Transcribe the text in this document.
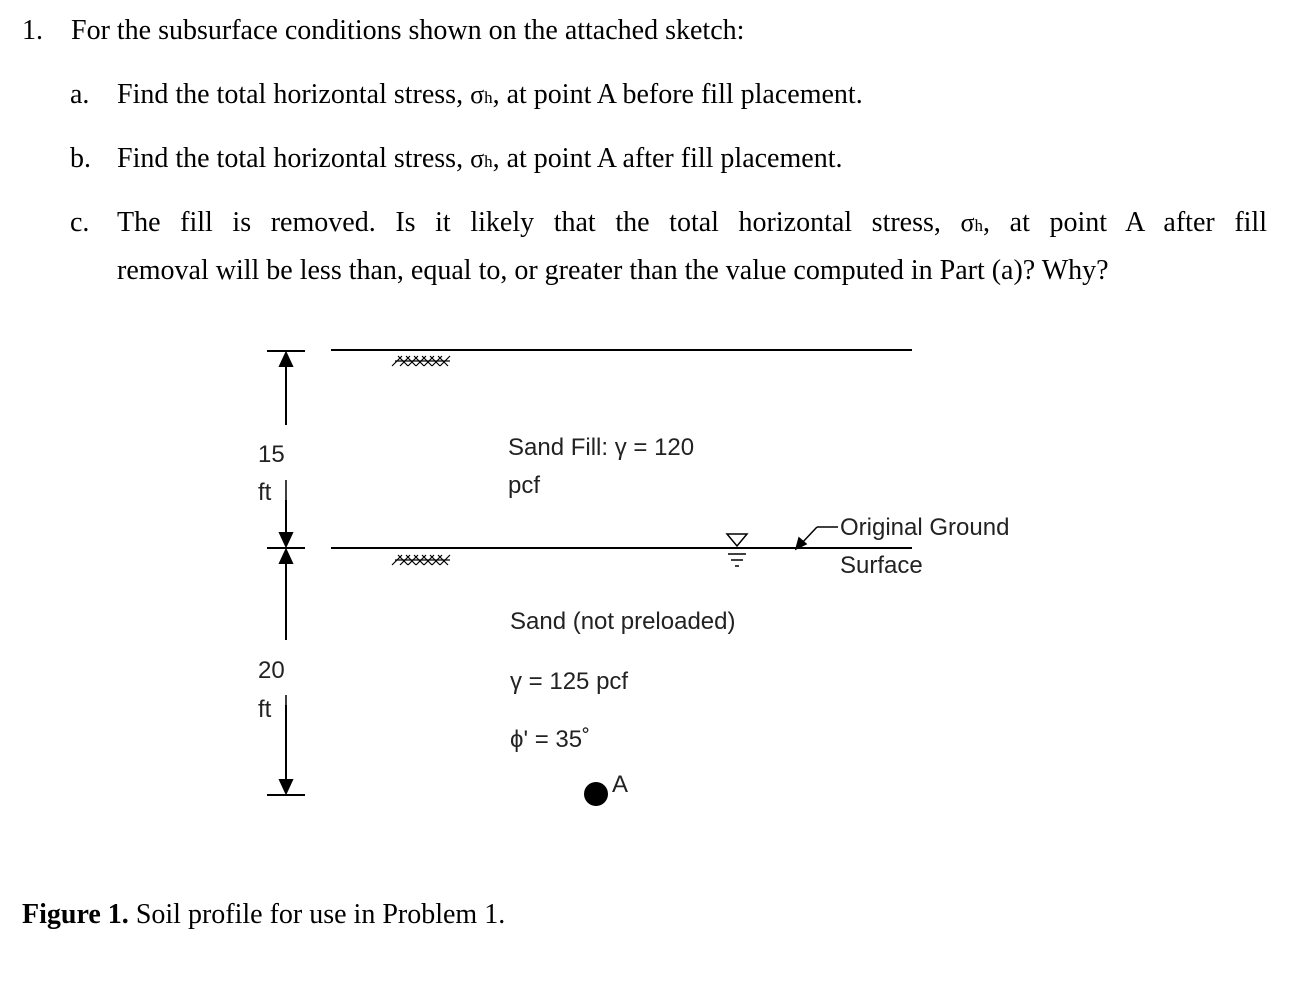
1. For the subsurface conditions shown on the attached sketch:
a. Find the total horizontal stress, σh, at point A before fill placement.
b. Find the total horizontal stress, σh, at point A after fill placement.
c. The fill is removed. Is it likely that the total horizontal stress, σh, at point A after fill
removal will be less than, equal to, or greater than the value computed in Part (a)? Why?
15
ft
20
ft
Sand Fill: γ = 120
pcf
Original Ground
Surface
Sand (not preloaded)
γ = 125 pcf
ϕ' = 35˚
A
Figure 1. Soil profile for use in Problem 1.
